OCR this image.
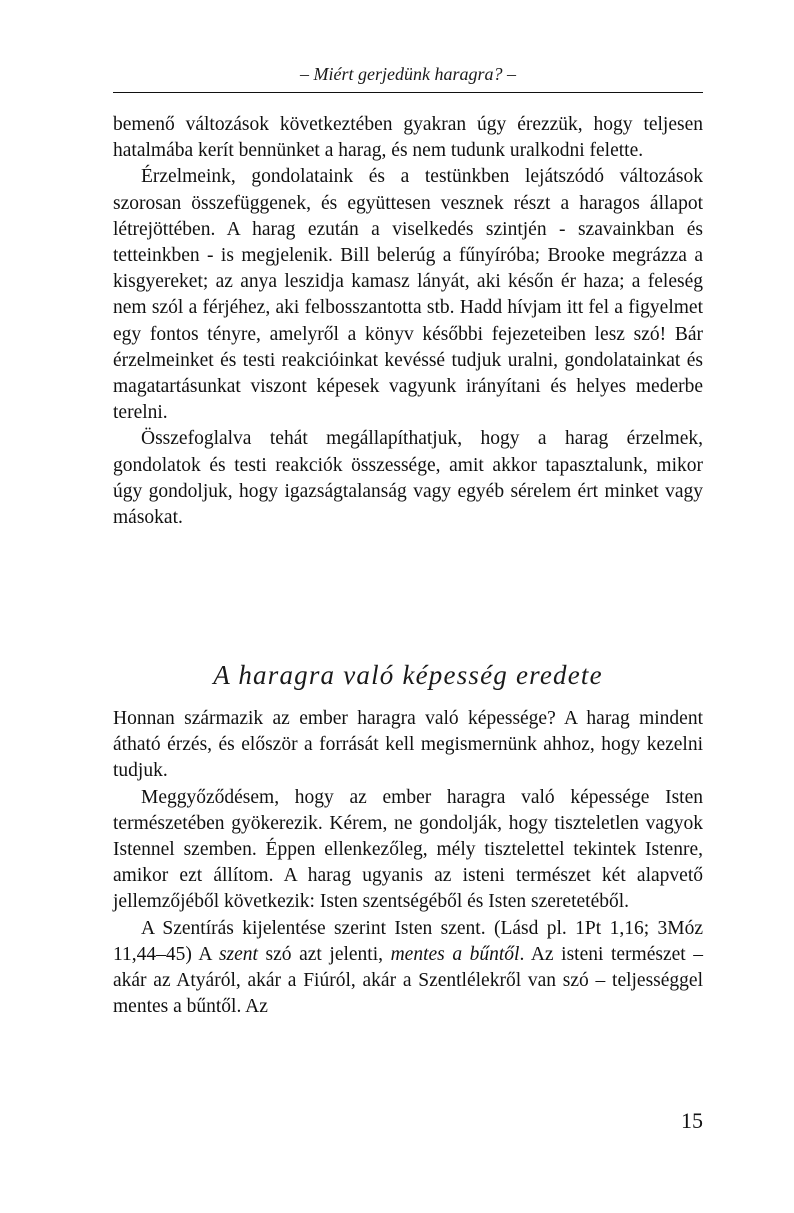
– Miért gerjedünk haragra? –

bemenő változások következtében gyakran úgy érezzük, hogy teljesen hatalmába kerít bennünket a harag, és nem tudunk uralkodni felette.

Érzelmeink, gondolataink és a testünkben lejátszódó változások szorosan összefüggenek, és együttesen vesznek részt a haragos állapot létrejöttében. A harag ezután a viselkedés szintjén - szavainkban és tetteinkben - is megjelenik. Bill belerúg a fűnyíróba; Brooke megrázza a kisgyereket; az anya leszidja kamasz lányát, aki későn ér haza; a feleség nem szól a férjéhez, aki felbosszantotta stb. Hadd hívjam itt fel a figyelmet egy fontos tényre, amelyről a könyv későbbi fejezeteiben lesz szó! Bár érzelmeinket és testi reakcióinkat kevéssé tudjuk uralni, gondolatainkat és magatartásunkat viszont képesek vagyunk irányítani és helyes mederbe terelni.

Összefoglalva tehát megállapíthatjuk, hogy a harag érzelmek, gondolatok és testi reakciók összessége, amit akkor tapasztalunk, mikor úgy gondoljuk, hogy igazságtalanság vagy egyéb sérelem ért minket vagy másokat.

A haragra való képesség eredete

Honnan származik az ember haragra való képessége? A harag mindent átható érzés, és először a forrását kell megismernünk ahhoz, hogy kezelni tudjuk.

Meggyőződésem, hogy az ember haragra való képessége Isten természetében gyökerezik. Kérem, ne gondolják, hogy tiszteletlen vagyok Istennel szemben. Éppen ellenkezőleg, mély tisztelettel tekintek Istenre, amikor ezt állítom. A harag ugyanis az isteni természet két alapvető jellemzőjéből következik: Isten szentségéből és Isten szeretetéből.

A Szentírás kijelentése szerint Isten szent. (Lásd pl. 1Pt 1,16; 3Móz 11,44–45) A szent szó azt jelenti, mentes a bűntől. Az isteni természet – akár az Atyáról, akár a Fiúról, akár a Szentlélekről van szó – teljességgel mentes a bűntől. Az

15
